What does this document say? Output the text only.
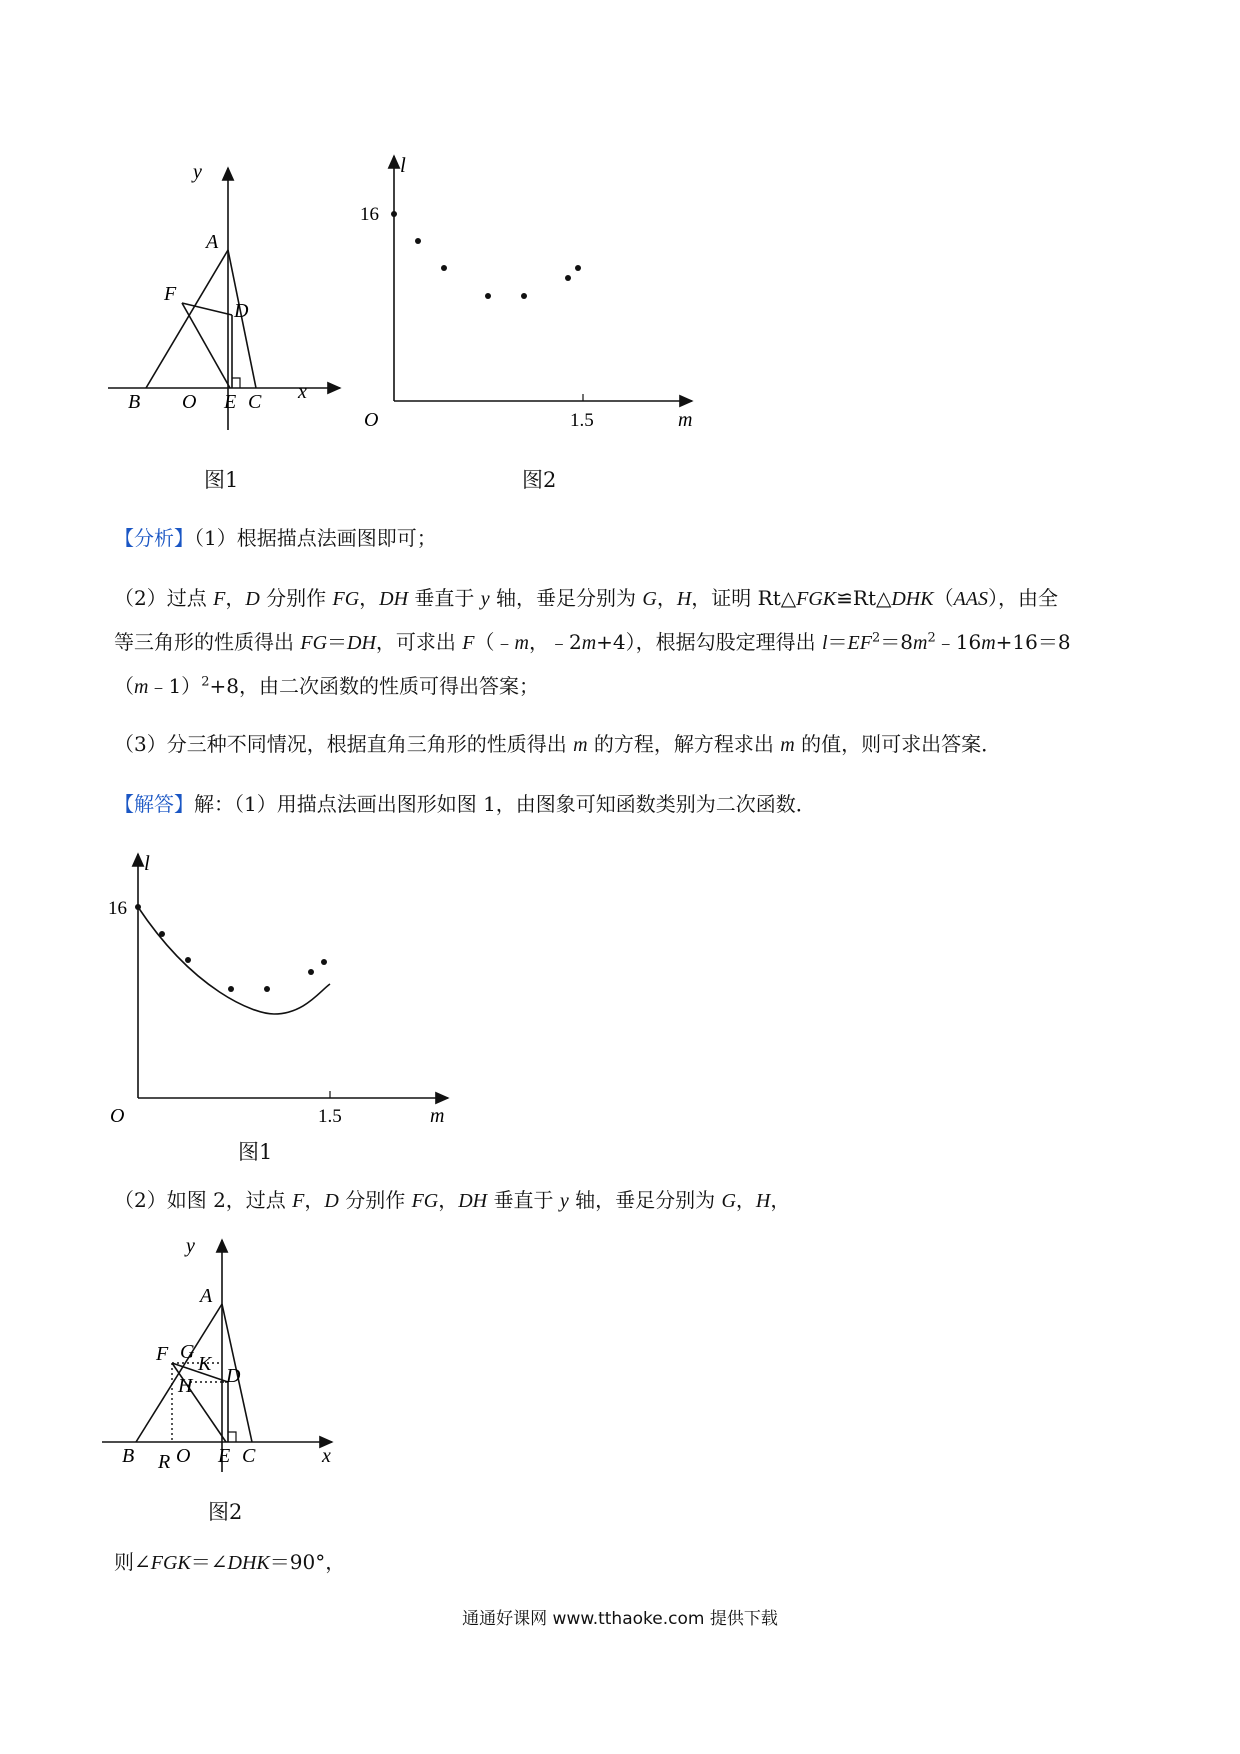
y
A
F
D
B O E C x
图1
l
16
O	1.5	m
图2
【分析】（1）根据描点法画图即可；
（2）过点 F，D 分别作 FG，DH 垂直于 y 轴，垂足分别为 G，H，证明 Rt△FGK≌Rt△DHK（AAS），由全
等三角形的性质得出 FG＝DH，可求出 F（﹣m，﹣2m+4），根据勾股定理得出 $l=EF^2=8m^2﹣16m+16=8$
（m﹣1）$^2$+8，由二次函数的性质可得出答案；
（3）分三种不同情况，根据直角三角形的性质得出 m 的方程，解方程求出 m 的值，则可求出答案．
【解答】解：（1）用描点法画出图形如图 1，由图象可知函数类别为二次函数．
l
16
O	1.5	m
图1
（2）如图 2，过点 F，D 分别作 FG，DH 垂直于 y 轴，垂足分别为 G，H，
y
A
F G
K
D
H
B R O E C	x
图2
则∠FGK＝∠DHK＝90°，
通通好课网 www.tthaoke.com 提供下载
